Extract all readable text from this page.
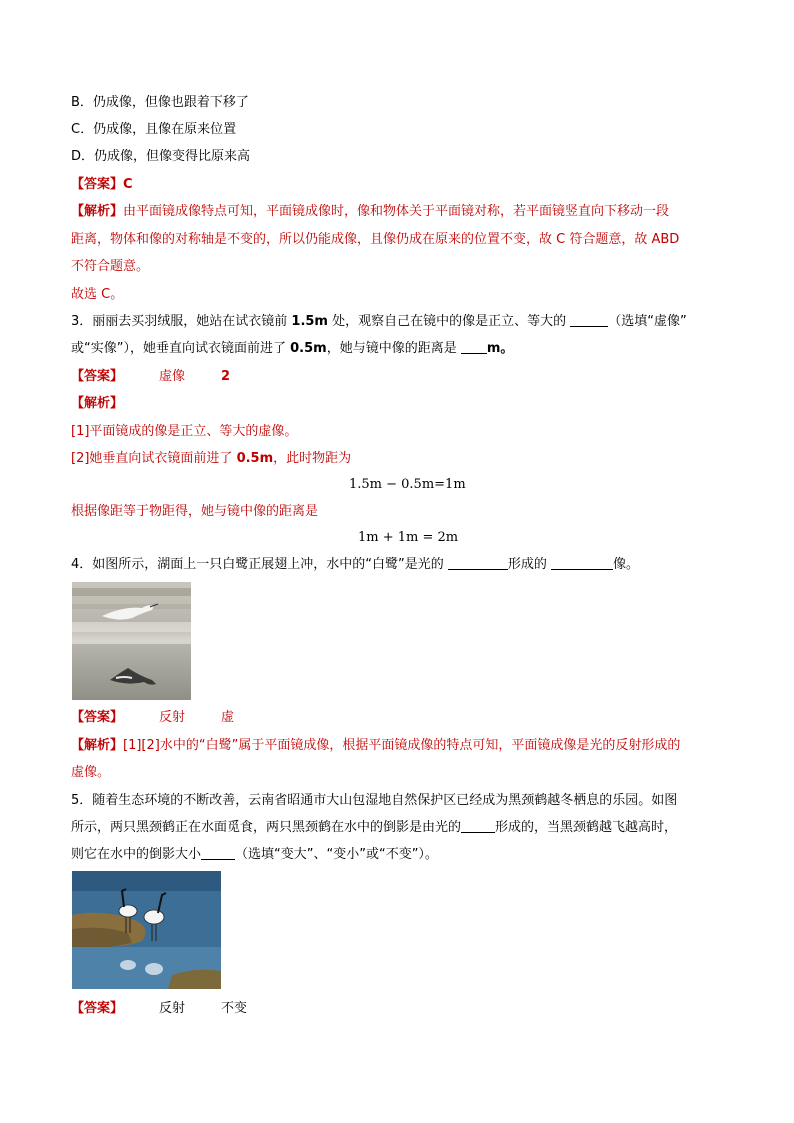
B．仍成像，但像也跟着下移了
C．仍成像，且像在原来位置
D．仍成像，但像变得比原来高
【答案】C
【解析】由平面镜成像特点可知，平面镜成像时，像和物体关于平面镜对称，若平面镜竖直向下移动一段
距离，物体和像的对称轴是不变的，所以仍能成像，且像仍成在原来的位置不变，故 C 符合题意，故 ABD
不符合题意。
故选 C。
3．丽丽去买羽绒服，她站在试衣镜前 1.5m 处，观察自己在镜中的像是正立、等大的	（选填“虚像”
或“实像”），她垂直向试衣镜面前进了 0.5m，她与镜中像的距离是 m。
【答案】	虚像	2
【解析】
[1]平面镜成的像是正立、等大的虚像。
[2]她垂直向试衣镜面前进了 0.5m，此时物距为
1.5m − 0.5m=1m
根据像距等于物距得，她与镜中像的距离是
1m + 1m = 2m
4．如图所示，湖面上一只白鹭正展翅上冲，水中的“白鹭”是光的	形成的	像。
【答案】	反射	虚
【解析】[1][2]水中的“白鹭”属于平面镜成像，根据平面镜成像的特点可知，平面镜成像是光的反射形成的
虚像。
5．随着生态环境的不断改善，云南省昭通市大山包湿地自然保护区已经成为黑颈鹤越冬栖息的乐园。如图
所示，两只黑颈鹤正在水面觅食，两只黑颈鹤在水中的倒影是由光的	形成的，当黑颈鹤越飞越高时，
则它在水中的倒影大小	（选填“变大”、“变小”或“不变”）。
【答案】	反射	不变
